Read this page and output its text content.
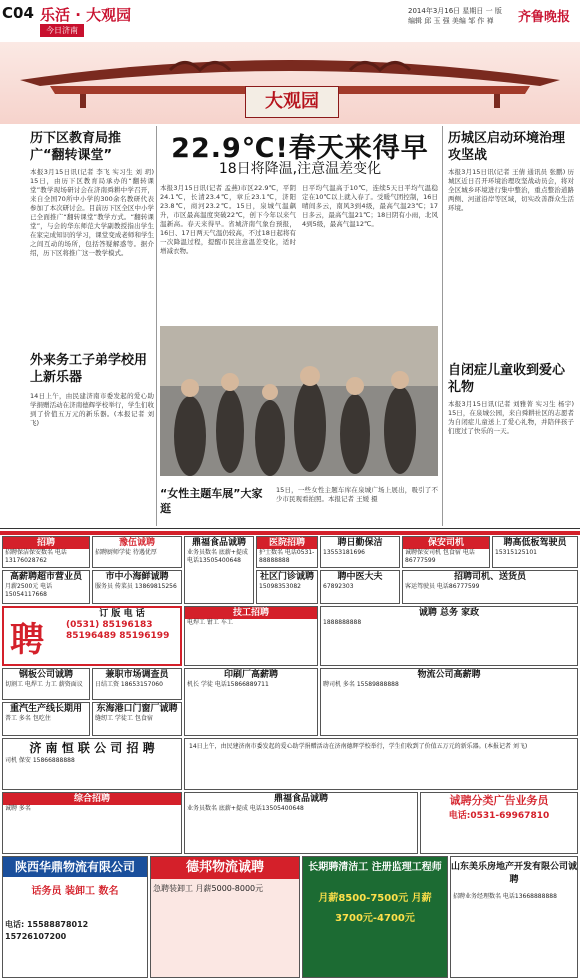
C04 乐活 · 大观园
今日济南
2014年3月16日 星期日 一 版
编辑 邱 玉 强 美编 邹 作 禅 齐鲁晚报
大观园
历下区教育局推广“翻转课堂”
本报3月15日讯(记者 李飞 实习生 刘 玥) 15日，由历下区教育局承办的“翻转课堂”教学现场研讨会在济南舜耕中学召开，来自全国70所中小学的300余名教研代表参加了本次研讨会。目前历下区全区中小学已全面推广“翻转课堂”教学方式。“翻转课堂”，与会的华东师范大学副教授指出学生在家完成知识的学习，课堂变成老师和学生之间互动的场所，包括答疑解惑等。据介绍，历下区将推广这一教学模式。
外来务工子弟学校用上新乐器
14日上午，由民建济南市委发起的爱心助学捐赠活动在济南德辉学校举行，学生们收到了价值五万元的新乐器。(本报记者 刘飞)
22.9℃!春天来得早
18日将降温,注意温差变化
本报3月15日讯(记者 孟燕)市区22.9℃，平阴24.1℃，长清23.4℃，章丘23.1℃，济阳23.8℃，商河23.2℃。15日，泉城气温飙升，市区最高温度突破22℃，创下今年以来气温新高。春天来得早。省城济南气象台预报，16日、17日两天气温仍较高，不过18日起将有一次降温过程，提醒市民注意温差变化，适时增减衣物。
日平均气温高于10℃，连续5天日平均气温稳定在10℃以上就入春了。受暖气团控制，16日晴间多云，南风3到4级，最高气温23℃；17日多云，最高气温21℃；18日阴有小雨，北风4到5级，最高气温12℃。
“女性主题车展”大家逛
15日，一些女性主题车库在泉城广场上展出，吸引了不少市民观看拍照。本报记者 王媛 摄
历城区启动环境治理攻坚战
本报3月15日讯(记者 王倩 通讯员 张鹏) 历城区近日召开环境治理攻坚战动员会，将对全区城乡环境进行集中整治，重点整治道路两侧、河道沿岸等区域，切实改善群众生活环境。
自闭症儿童收到爱心礼物
本报3月15日讯(记者 刘雅菁 实习生 杨宇) 15日，在泉城公园，来自舜耕社区的志愿者为自闭症儿童送上了爱心礼物，并陪伴孩子们度过了快乐的一天。
招聘
招聘保洁保安数名 电话13176028762
豫伍诚聘
招聘厨师学徒 待遇优厚
鼎福食品诚聘
业务员数名 底薪+提成 电话13505400648
医院招聘
护士数名 电话0531-88888888
聘日勤保洁
13553181696
保安司机
诚聘保安司机 包食宿 电话86777599
聘高低板驾驶员
15315125101
高薪聘超市营业员
月薪2500元 电话15054117668
市中小海鲜诚聘
服务员 传菜员 13869815256
社区门诊诚聘
15098353082
聘中医大夫
67892303
招聘司机、送货员
客运驾驶员 电话86777599
聘
订 版 电 话
(0531) 85196183 85196489 85196199
技工招聘
电焊工 钳工 车工
诚聘 总务 家政
1888888888
钢板公司诚聘
切割工 电焊工 力工 薪资面议
兼职市场调查员
日结工资 18653157060
重汽生产线长期用
普工 多名 包吃住
东海港口门窗厂诚聘
缝纫工 学徒工 包食宿
印刷厂高薪聘
机长 学徒 电话15866889711
物流公司高薪聘
聘司机 多名 15589888888
济 南 恒 联 公 司 招 聘
司机 保安 15866888888
14日上午，由民建济南市委发起的爱心助学捐赠活动在济南德辉学校举行，学生们收到了价值五万元的新乐器。(本报记者 刘飞)
综合招聘
诚聘 多名
鼎福食品诚聘
业务员数名 底薪+提成 电话13505400648
诚聘分类广告业务员
电话:0531-69967810
陕西华鼎物流有限公司
话务员 装卸工 数名
电话: 15588878012 15726107200
德邦物流诚聘
急聘装卸工 月薪5000-8000元
长期聘清洁工 注册监理工程师
月薪8500-7500元 月薪3700元-4700元
山东美乐房地产开发有限公司诚聘
招聘业务经理数名 电话13668888888
